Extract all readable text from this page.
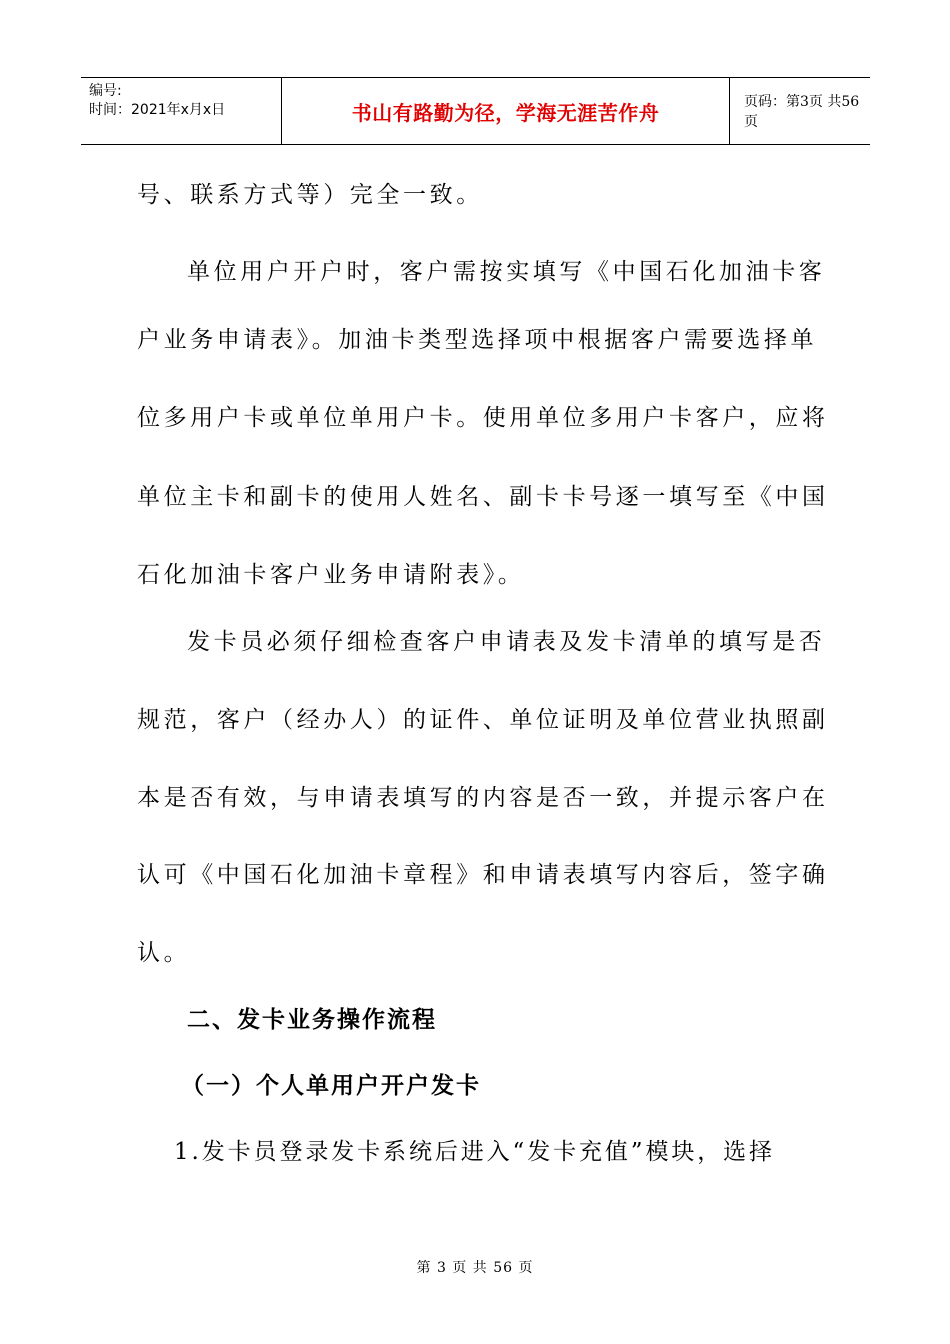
编号:
时间：2021年x月x日	书山有路勤为径，学海无涯苦作舟	页码：第3页 共56页
号、联系方式等）完全一致。
单位用户开户时，客户需按实填写《中国石化加油卡客
户业务申请表》。加油卡类型选择项中根据客户需要选择单
位多用户卡或单位单用户卡。使用单位多用户卡客户，应将
单位主卡和副卡的使用人姓名、副卡卡号逐一填写至《中国
石化加油卡客户业务申请附表》。
发卡员必须仔细检查客户申请表及发卡清单的填写是否
规范，客户（经办人）的证件、单位证明及单位营业执照副
本是否有效，与申请表填写的内容是否一致，并提示客户在
认可《中国石化加油卡章程》和申请表填写内容后，签字确
认。
二、发卡业务操作流程
（一）个人单用户开户发卡
1.发卡员登录发卡系统后进入“发卡充值”模块，选择
第 3 页 共 56 页
